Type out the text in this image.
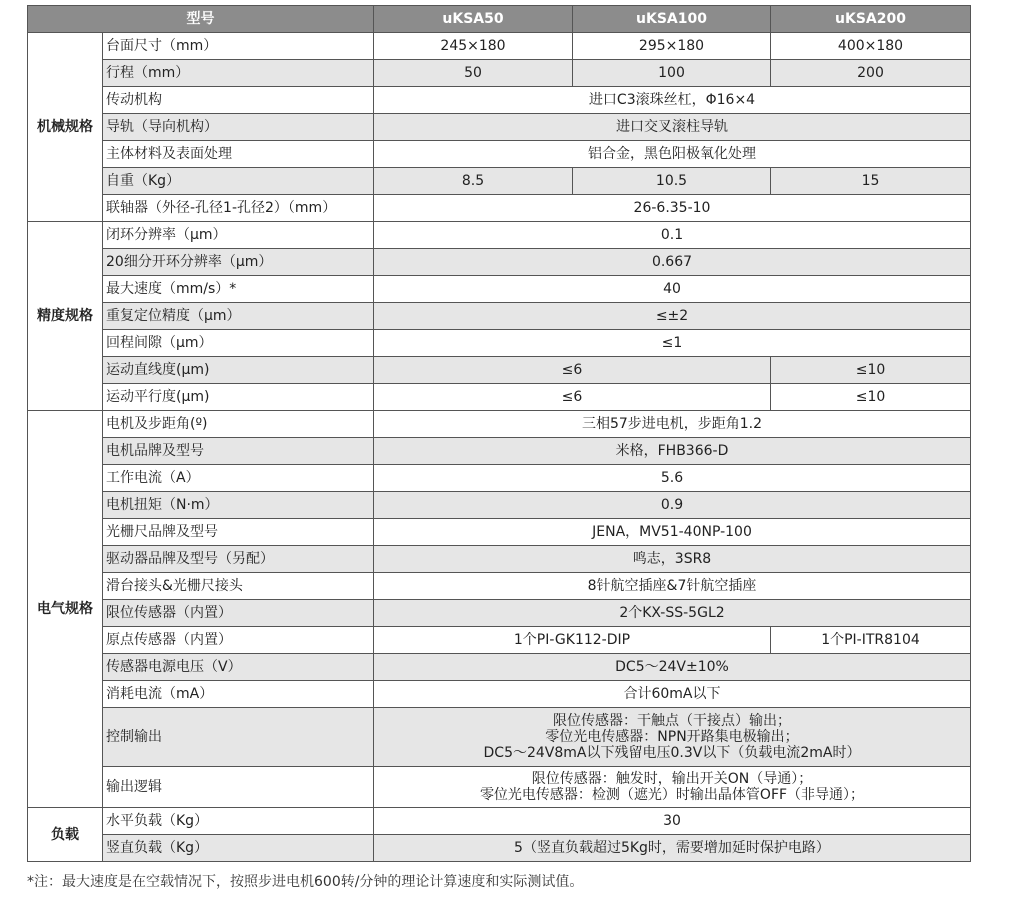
型号		uKSA50	uKSA100	uKSA200
机械规格	台面尺寸（mm）	245×180	295×180	400×180
	行程（mm）	50	100	200
	传动机构	进口C3滚珠丝杠，Φ16×4		
	导轨（导向机构）	进口交叉滚柱导轨		
	主体材料及表面处理	铝合金，黑色阳极氧化处理		
	自重（Kg）	8.5	10.5	15
	联轴器（外径-孔径1-孔径2）（mm）	26-6.35-10		
精度规格	闭环分辨率（μm）	0.1		
	20细分开环分辨率（μm）	0.667		
	最大速度（mm/s）*	40		
	重复定位精度（μm）	≤±2		
	回程间隙（μm）	≤1		
	运动直线度(μm)	≤6		≤10
	运动平行度(μm)	≤6		≤10
电气规格	电机及步距角(º)	三相57步进电机，步距角1.2		
	电机品牌及型号	米格，FHB366-D		
	工作电流（A）	5.6		
	电机扭矩（N·m）	0.9		
	光栅尺品牌及型号	JENA，MV51-40NP-100		
	驱动器品牌及型号（另配）	鸣志，3SR8		
	滑台接头&光栅尺接头	8针航空插座&7针航空插座		
	限位传感器（内置）	2个KX-SS-5GL2		
	原点传感器（内置）	1个PI-GK112-DIP		1个PI-ITR8104
	传感器电源电压（V）	DC5～24V±10%		
	消耗电流（mA）	合计60mA以下		
	控制输出	限位传感器：干触点（干接点）输出；
零位光电传感器：NPN开路集电极输出；
DC5～24V8mA以下残留电压0.3V以下（负载电流2mA时）		

	输出逻辑	限位传感器：触发时，输出开关ON（导通）；
零位光电传感器：检测（遮光）时输出晶体管OFF（非导通）；		

负载	水平负载（Kg）	30		
	竖直负载（Kg）	5（竖直负载超过5Kg时，需要增加延时保护电路）		
*注：最大速度是在空载情况下，按照步进电机600转/分钟的理论计算速度和实际测试值。
